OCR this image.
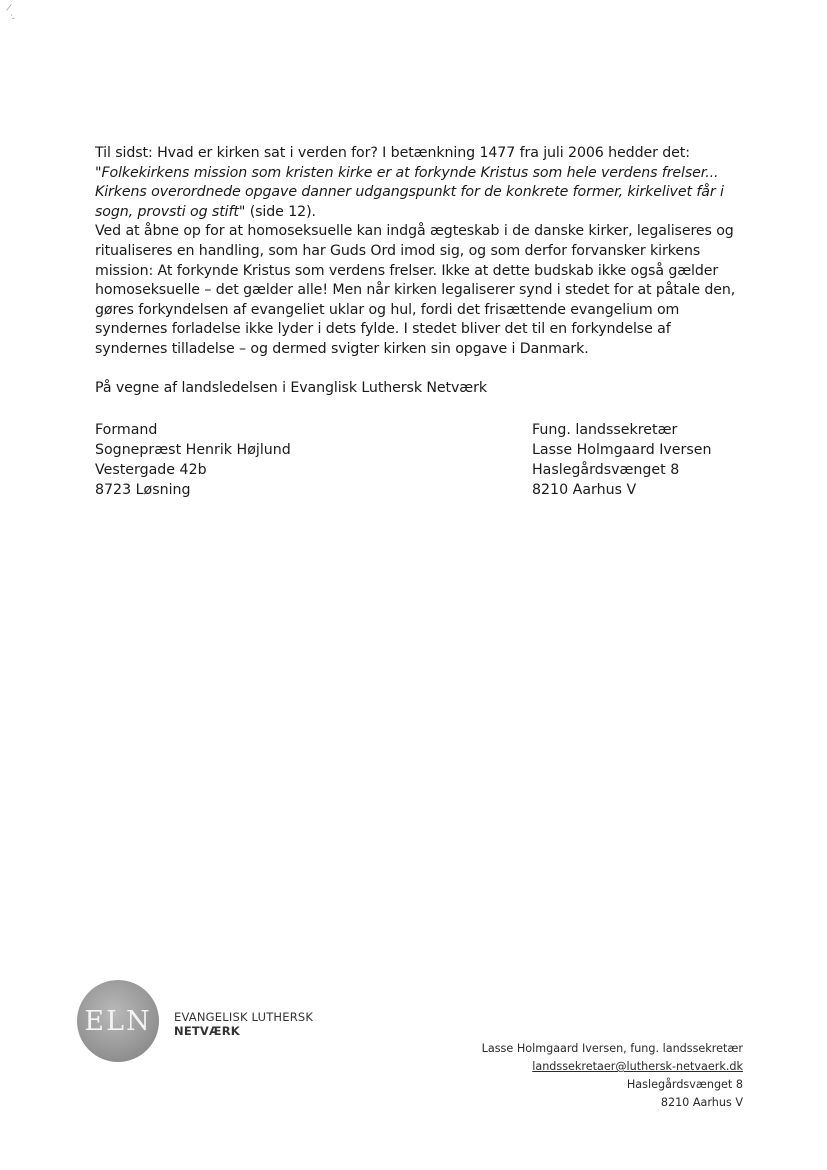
\ .,

Til sidst: Hvad er kirken sat i verden for? I betænkning 1477 fra juli 2006 hedder det: "Folkekirkens mission som kristen kirke er at forkynde Kristus som hele verdens frelser... Kirkens overordnede opgave danner udgangspunkt for de konkrete former, kirkelivet får i sogn, provsti og stift" (side 12).

Ved at åbne op for at homoseksuelle kan indgå ægteskab i de danske kirker, legaliseres og ritualiseres en handling, som har Guds Ord imod sig, og som derfor forvansker kirkens mission: At forkynde Kristus som verdens frelser. Ikke at dette budskab ikke også gælder homoseksuelle – det gælder alle! Men når kirken legaliserer synd i stedet for at påtale den, gøres forkyndelsen af evangeliet uklar og hul, fordi det frisættende evangelium om syndernes forladelse ikke lyder i dets fylde. I stedet bliver det til en forkyndelse af syndernes tilladelse – og dermed svigter kirken sin opgave i Danmark.

På vegne af landsledelsen i Evanglisk Luthersk Netværk

Formand
Sognepræst Henrik Højlund
Vestergade 42b
8723 Løsning
Fung. landssekretær
Lasse Holmgaard Iversen
Haslegårdsvænget 8
8210 Aarhus V
ELN	EVANGELISK LUTHERSK
NETVÆRK
Lasse Holmgaard Iversen, fung. landssekretær
landssekretaer@luthersk-netvaerk.dk
Haslegårdsvænget 8
8210 Aarhus V
